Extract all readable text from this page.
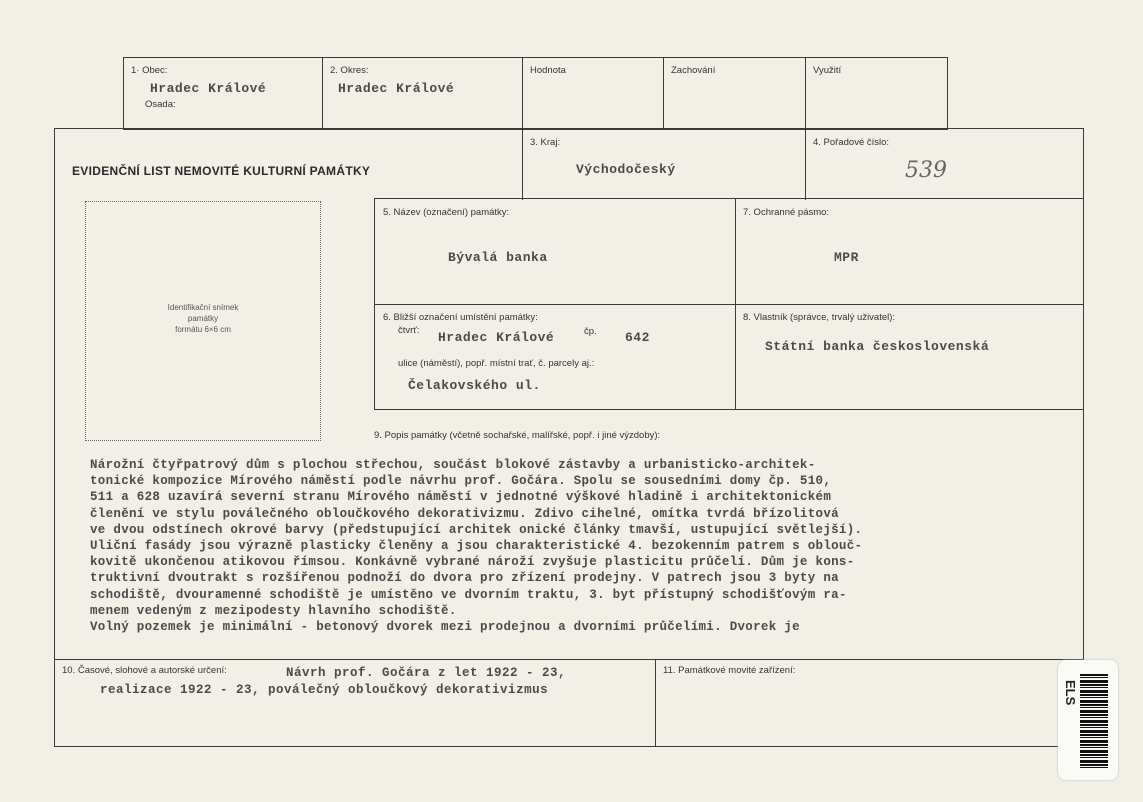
1· Obec:
Hradec Králové
Osada:
2. Okres:
Hradec Králové
Hodnota	Zachování	Využití
EVIDENČNÍ LIST NEMOVITÉ KULTURNÍ PAMÁTKY
3. Kraj:
Východočeský
4. Pořadové číslo:
539
Identifikační snímek
památky
formátu 6×6 cm
5. Název (označení) památky:
Bývalá banka
7. Ochranné pásmo:
MPR
6. Bližší označení umístění památky:
čtvrť: Hradec Králové	čp. 642
ulice (náměstí), popř. místní trať, č. parcely aj.:
Čelakovského ul.
8. Vlastník (správce, trvalý uživatel):
Státní banka československá
9. Popis památky (včetně sochařské, malířské, popř. i jiné výzdoby):
Nárožní čtyřpatrový dům s plochou střechou, součást blokové zástavby a urbanisticko-architek-
tonické kompozice Mírového náměstí podle návrhu prof. Gočára. Spolu se sousedními domy čp. 510,
511 a 628 uzavírá severní stranu Mírového náměstí v jednotné výškové hladině i architektonickém
členění ve stylu poválečného obloučkového dekorativizmu. Zdivo cihelné, omítka tvrdá břízolitová
ve dvou odstínech okrové barvy (předstupující architek onické články tmavší, ustupující světlejší).
Uliční fasády jsou výrazně plasticky členěny a jsou charakteristické 4. bezokenním patrem s oblouč-
kovitě ukončenou atikovou římsou. Konkávně vybrané nároží zvyšuje plasticitu průčelí. Dům je kons-
truktivní dvoutrakt s rozšířenou podnoží do dvora pro zřízení prodejny. V patrech jsou 3 byty na
schodiště, dvouramenné schodiště je umístěno ve dvorním traktu, 3. byt přístupný schodišťovým ra-
menem vedeným z mezipodesty hlavního schodiště.
Volný pozemek je minimální - betonový dvorek mezi prodejnou a dvorními průčelími. Dvorek je
10. Časové, slohové a autorské určení:	Návrh prof. Gočára z let 1922 - 23,
realizace 1922 - 23, poválečný obloučkový dekorativizmus
11. Památkové movité zařízení:
ELS
